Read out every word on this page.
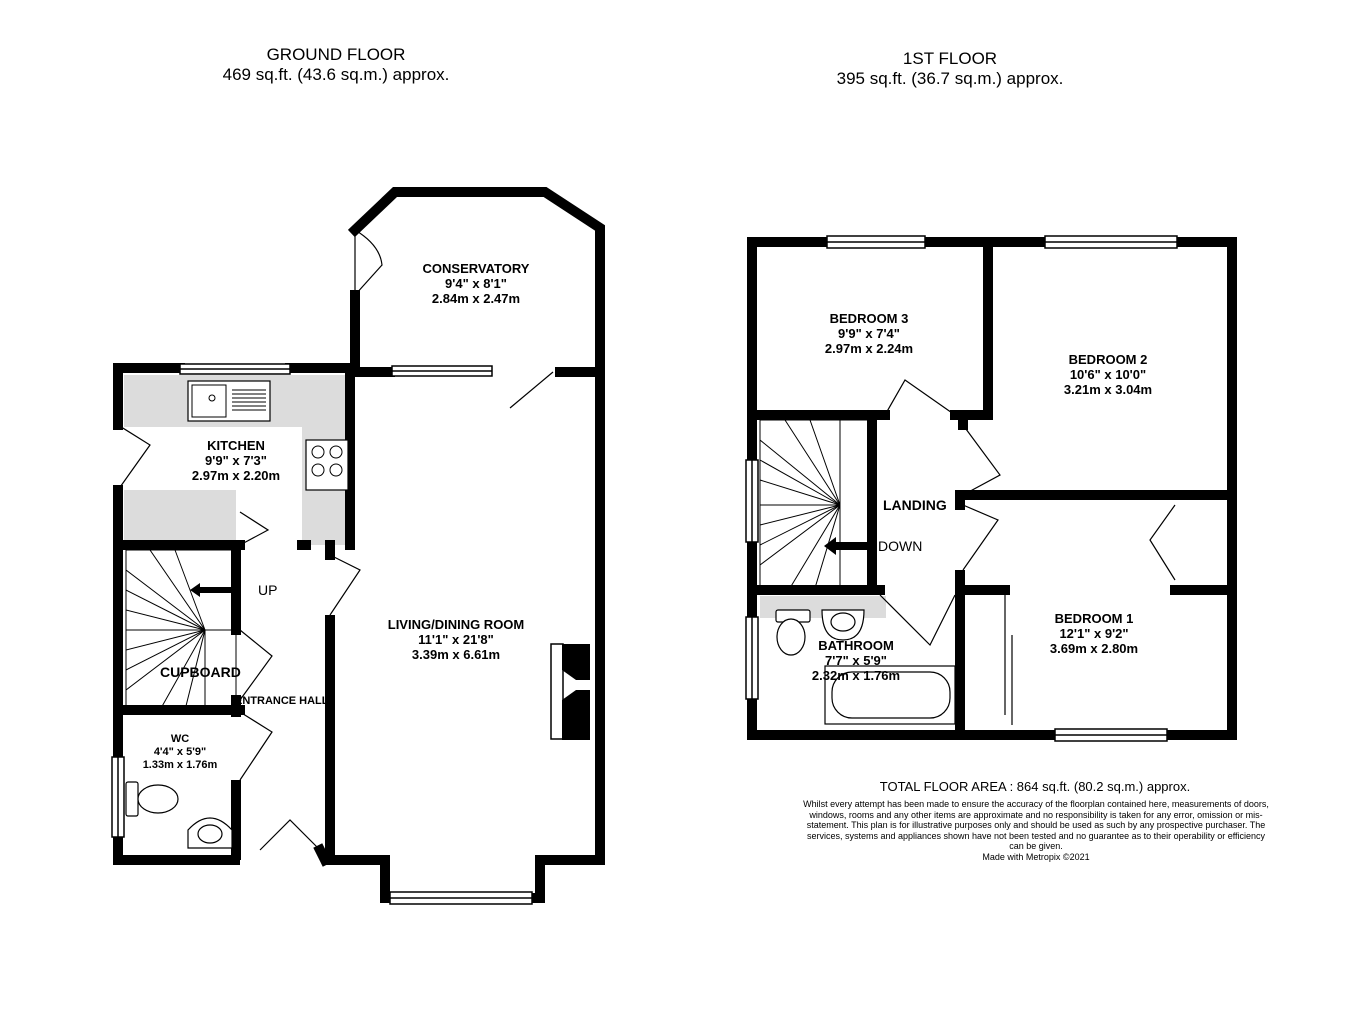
GROUND FLOOR
469 sq.ft. (43.6 sq.m.) approx.
1ST FLOOR
395 sq.ft. (36.7 sq.m.) approx.
CONSERVATORY
9'4" x 8'1"
2.84m x 2.47m
KITCHEN
9'9" x 7'3"
2.97m x 2.20m
LIVING/DINING ROOM
11'1" x 21'8"
3.39m x 6.61m
WC
4'4" x 5'9"
1.33m x 1.76m
UP
CUPBOARD
ENTRANCE HALL
BEDROOM 3
9'9" x 7'4"
2.97m x 2.24m
BEDROOM 2
10'6" x 10'0"
3.21m x 3.04m
BEDROOM 1
12'1" x 9'2"
3.69m x 2.80m
BATHROOM
7'7" x 5'9"
2.32m x 1.76m
LANDING
DOWN
TOTAL FLOOR AREA : 864 sq.ft. (80.2 sq.m.) approx.
Whilst every attempt has been made to ensure the accuracy of the floorplan contained here, measurements of doors, windows, rooms and any other items are approximate and no responsibility is taken for any error, omission or mis-statement. This plan is for illustrative purposes only and should be used as such by any prospective purchaser. The services, systems and appliances shown have not been tested and no guarantee as to their operability or efficiency can be given.
Made with Metropix ©2021
